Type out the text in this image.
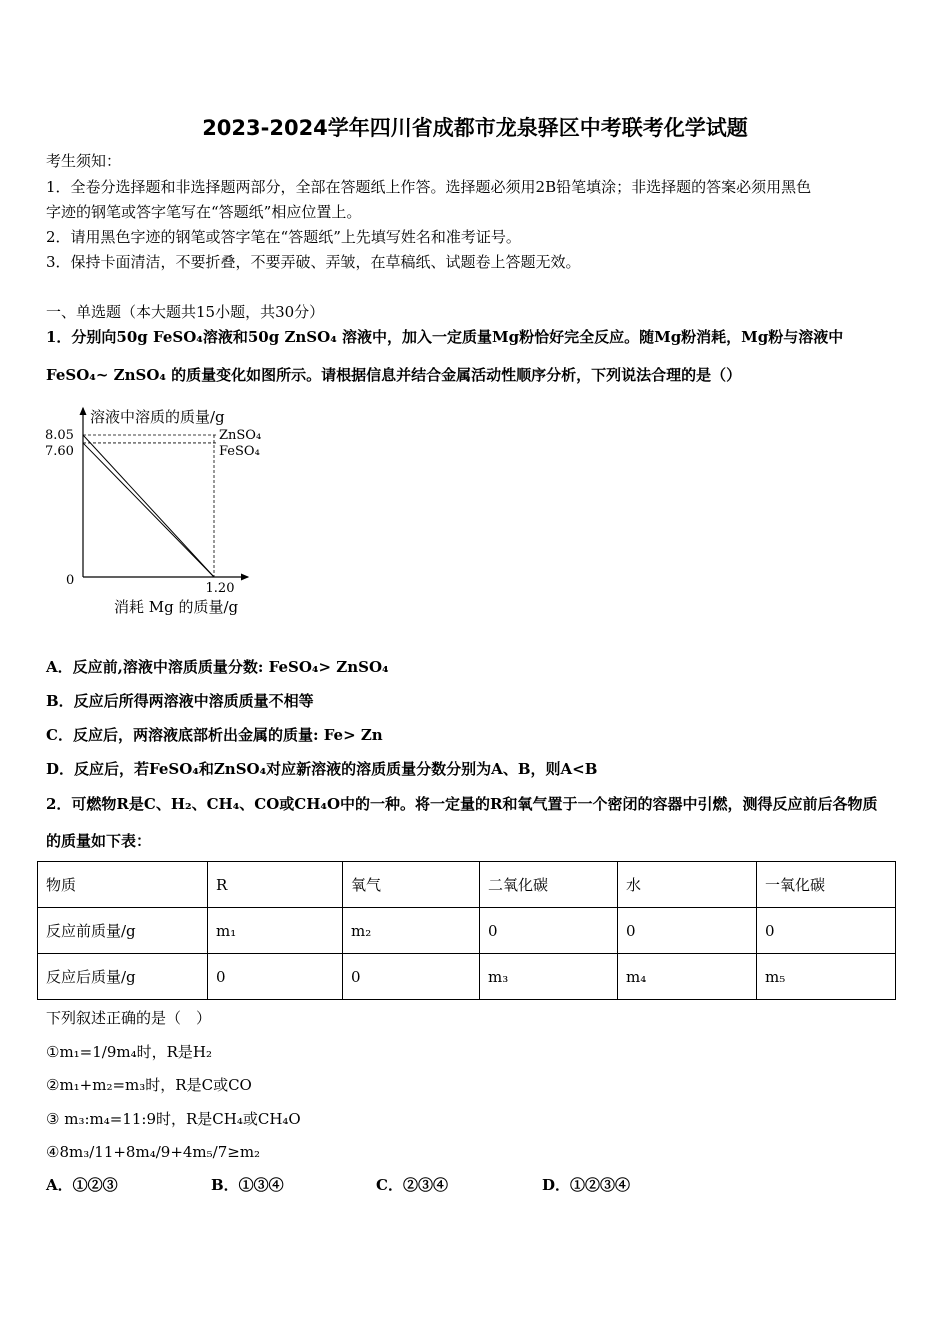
2023-2024学年四川省成都市龙泉驿区中考联考化学试题
考生须知：
1．全卷分选择题和非选择题两部分，全部在答题纸上作答。选择题必须用2B铅笔填涂；非选择题的答案必须用黑色
字迹的钢笔或答字笔写在“答题纸”相应位置上。
2．请用黑色字迹的钢笔或答字笔在“答题纸”上先填写姓名和准考证号。
3．保持卡面清洁，不要折叠，不要弄破、弄皱，在草稿纸、试题卷上答题无效。
一、单选题（本大题共15小题，共30分）
1．分别向50g FeSO₄溶液和50g ZnSO₄ 溶液中，加入一定质量Mg粉恰好完全反应。随Mg粉消耗，Mg粉与溶液中
FeSO₄~ ZnSO₄ 的质量变化如图所示。请根据信息并结合金属活动性顺序分析，下列说法合理的是（）
溶液中溶质的质量/g
消耗 Mg 的质量/g
0
8.05
7.60
1.20
ZnSO₄
FeSO₄
A．反应前,溶液中溶质质量分数: FeSO₄> ZnSO₄
B．反应后所得两溶液中溶质质量不相等
C．反应后，两溶液底部析出金属的质量: Fe> Zn
D．反应后，若FeSO₄和ZnSO₄对应新溶液的溶质质量分数分别为A、B，则A<B
2．可燃物R是C、H₂、CH₄、CO或CH₄O中的一种。将一定量的R和氧气置于一个密闭的容器中引燃，测得反应前后各物质
的质量如下表：
物质	R	氧气	二氧化碳	水	一氧化碳
反应前质量/g	m₁	m₂	0	0	0
反应后质量/g	0	0	m₃	m₄	m₅
下列叙述正确的是（　）
①m₁=1/9m₄时，R是H₂
②m₁+m₂=m₃时，R是C或CO
③ m₃:m₄=11:9时，R是CH₄或CH₄O
④8m₃/11+8m₄/9+4m₅/7≥m₂
A．①②③	B．①③④	C．②③④	D．①②③④
